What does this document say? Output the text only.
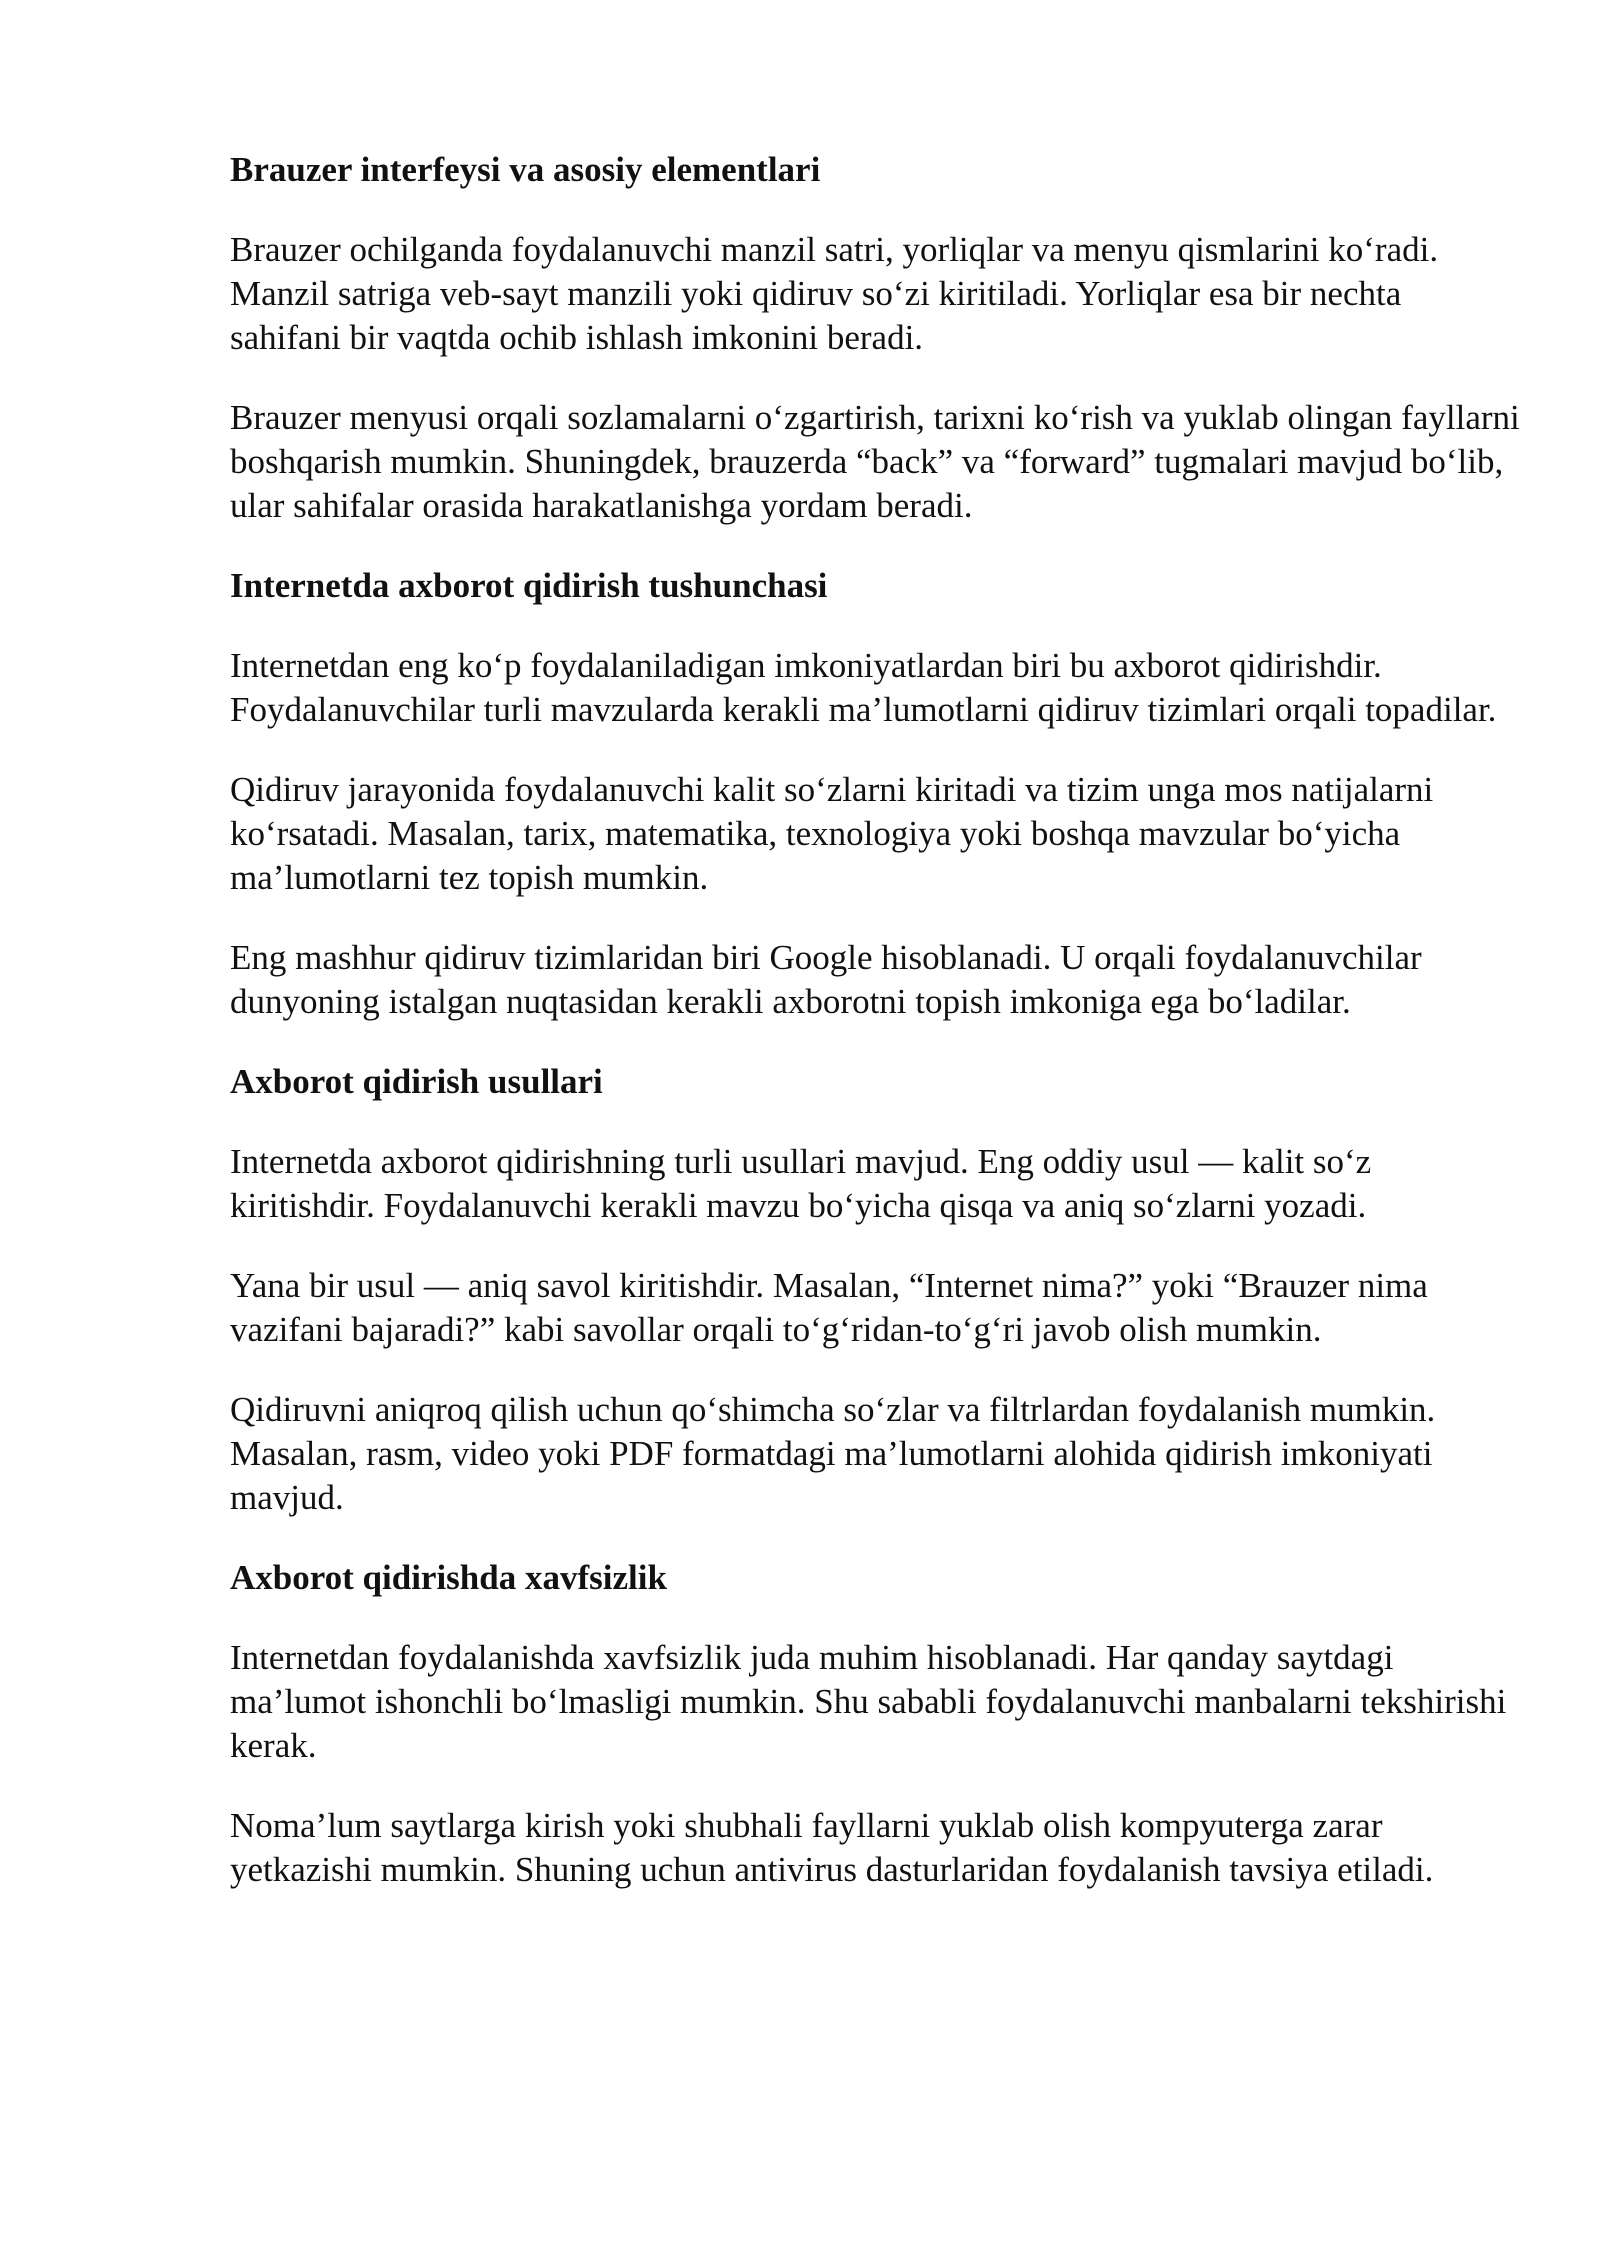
Brauzer interfeysi va asosiy elementlari

Brauzer ochilganda foydalanuvchi manzil satri, yorliqlar va menyu qismlarini ko‘radi. Manzil satriga veb-sayt manzili yoki qidiruv so‘zi kiritiladi. Yorliqlar esa bir nechta sahifani bir vaqtda ochib ishlash imkonini beradi.

Brauzer menyusi orqali sozlamalarni o‘zgartirish, tarixni ko‘rish va yuklab olingan fayllarni boshqarish mumkin. Shuningdek, brauzerda “back” va “forward” tugmalari mavjud bo‘lib, ular sahifalar orasida harakatlanishga yordam beradi.

Internetda axborot qidirish tushunchasi

Internetdan eng ko‘p foydalaniladigan imkoniyatlardan biri bu axborot qidirishdir. Foydalanuvchilar turli mavzularda kerakli ma’lumotlarni qidiruv tizimlari orqali topadilar.

Qidiruv jarayonida foydalanuvchi kalit so‘zlarni kiritadi va tizim unga mos natijalarni ko‘rsatadi. Masalan, tarix, matematika, texnologiya yoki boshqa mavzular bo‘yicha ma’lumotlarni tez topish mumkin.

Eng mashhur qidiruv tizimlaridan biri Google hisoblanadi. U orqali foydalanuvchilar dunyoning istalgan nuqtasidan kerakli axborotni topish imkoniga ega bo‘ladilar.

Axborot qidirish usullari

Internetda axborot qidirishning turli usullari mavjud. Eng oddiy usul — kalit so‘z kiritishdir. Foydalanuvchi kerakli mavzu bo‘yicha qisqa va aniq so‘zlarni yozadi.

Yana bir usul — aniq savol kiritishdir. Masalan, “Internet nima?” yoki “Brauzer nima vazifani bajaradi?” kabi savollar orqali to‘g‘ridan-to‘g‘ri javob olish mumkin.

Qidiruvni aniqroq qilish uchun qo‘shimcha so‘zlar va filtrlardan foydalanish mumkin. Masalan, rasm, video yoki PDF formatdagi ma’lumotlarni alohida qidirish imkoniyati mavjud.

Axborot qidirishda xavfsizlik

Internetdan foydalanishda xavfsizlik juda muhim hisoblanadi. Har qanday saytdagi ma’lumot ishonchli bo‘lmasligi mumkin. Shu sababli foydalanuvchi manbalarni tekshirishi kerak.

Noma’lum saytlarga kirish yoki shubhali fayllarni yuklab olish kompyuterga zarar yetkazishi mumkin. Shuning uchun antivirus dasturlaridan foydalanish tavsiya etiladi.
